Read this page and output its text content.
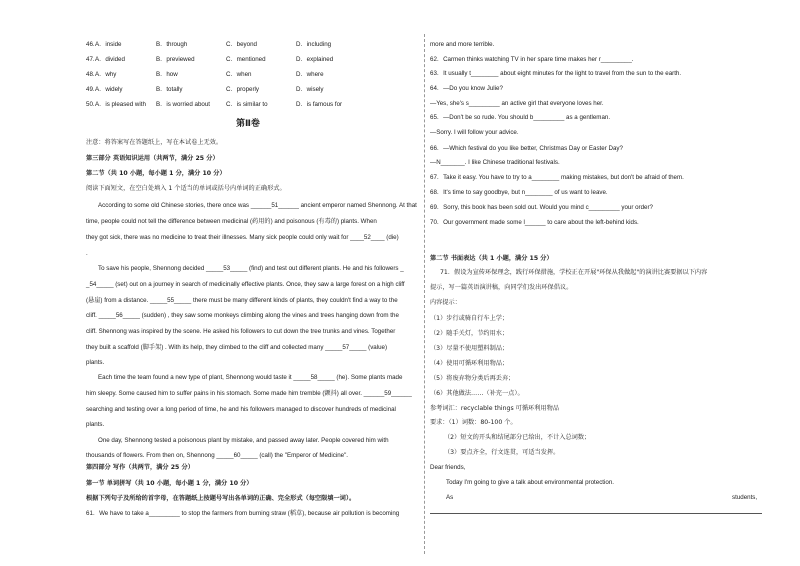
46. A．inside	B．through	C．beyond	D．including
47. A．divided	B．previewed	C．mentioned	D．explained
48. A．why	B．how	C．when	D．where
49. A．widely	B．totally	C．properly	D．wisely
50. A．is pleased with B．is worried about	C．is similar to	D．is famous for
第Ⅱ卷
注意：将答案写在答题纸上，写在本试卷上无效。
第三部分 英语知识运用（共两节，满分 25 分）
第二节（共 10 小题，每小题 1 分，满分 10 分）
阅读下面短文，在空白处填入 1 个适当的单词或括号内单词的正确形式。
According to some old Chinese stories, there once was ______51______ ancient emperor named Shennong. At that
time, people could not tell the difference between medicinal (药用的) and poisonous (有毒的) plants. When
they got sick, there was no medicine to treat their illnesses. Many sick people could only wait for ____52____ (die)
.
To save his people, Shennong decided _____53_____ (find) and test out different plants. He and his followers _
_54_____ (set) out on a journey in search of medicinally effective plants. Once, they saw a large forest on a high cliff
(悬崖) from a distance. _____55_____ there must be many different kinds of plants, they couldn't find a way to the
cliff. _____56_____ (sudden) , they saw some monkeys climbing along the vines and trees hanging down from the
cliff. Shennong was inspired by the scene. He asked his followers to cut down the tree trunks and vines. Together
they built a scaffold (脚手架) . With its help, they climbed to the cliff and collected many _____57_____ (value)
plants.
Each time the team found a new type of plant, Shennong would taste it _____58_____ (he). Some plants made
him sleepy. Some caused him to suffer pains in his stomach. Some made him tremble (颤抖) all over. ______59______
searching and testing over a long period of time, he and his followers managed to discover hundreds of medicinal
plants.
One day, Shennong tested a poisonous plant by mistake, and passed away later. People covered him with
thousands of flowers. From then on, Shennong _____60_____ (call) the "Emperor of Medicine".
第四部分 写作（共两节，满分 25 分）
第一节 单词拼写（共 10 小题，每小题 1 分，满分 10 分）
根据下列句子及所给的首字母，在答题纸上按题号写出各单词的正确、完全形式（每空限填一词）。
61．We have to take a_________ to stop the farmers from burning straw (稻草), because air pollution is becoming
more and more terrible.
62．Carmen thinks watching TV in her spare time makes her r_________.
63．It usually t________ about eight minutes for the light to travel from the sun to the earth.
64．—Do you know Julie?
—Yes, she's s_________ an active girl that everyone loves her.
65．—Don't be so rude. You should b_________ as a gentleman.
—Sorry. I will follow your advice.
66．—Which festival do you like better, Christmas Day or Easter Day?
—N_______. I like Chinese traditional festivals.
67．Take it easy. You have to try to a________ making mistakes, but don't be afraid of them.
68．It's time to say goodbye, but n________ of us want to leave.
69．Sorry, this book has been sold out. Would you mind c_________ your order?
70．Our government made some l______ to care about the left-behind kids.
第二节 书面表达（共 1 小题，满分 15 分）
71．假设为宣传环保理念，践行环保措施，学校正在开展"环保从我做起"的演讲比赛要据以下内容
提示，写一篇英语演讲稿，向同学们发出环保倡议。
内容提示：
（1）步行或骑自行车上学；
（2）随手关灯，节约用水；
（3）尽量不使用塑料制品；
（4）使用可循环利用物品；
（5）将废弃物分类后再丢弃；
（6）其他做法……（补充一点）。
参考词汇：recyclable things 可循环利用物品
要求：（1）词数：80-100 个。
（2）短文的开头和结尾部分已给出，不计入总词数；
（3）要点齐全，行文连贯，可适当发挥。
Dear friends,
Today I'm going to give a talk about environmental protection.
As	students,
